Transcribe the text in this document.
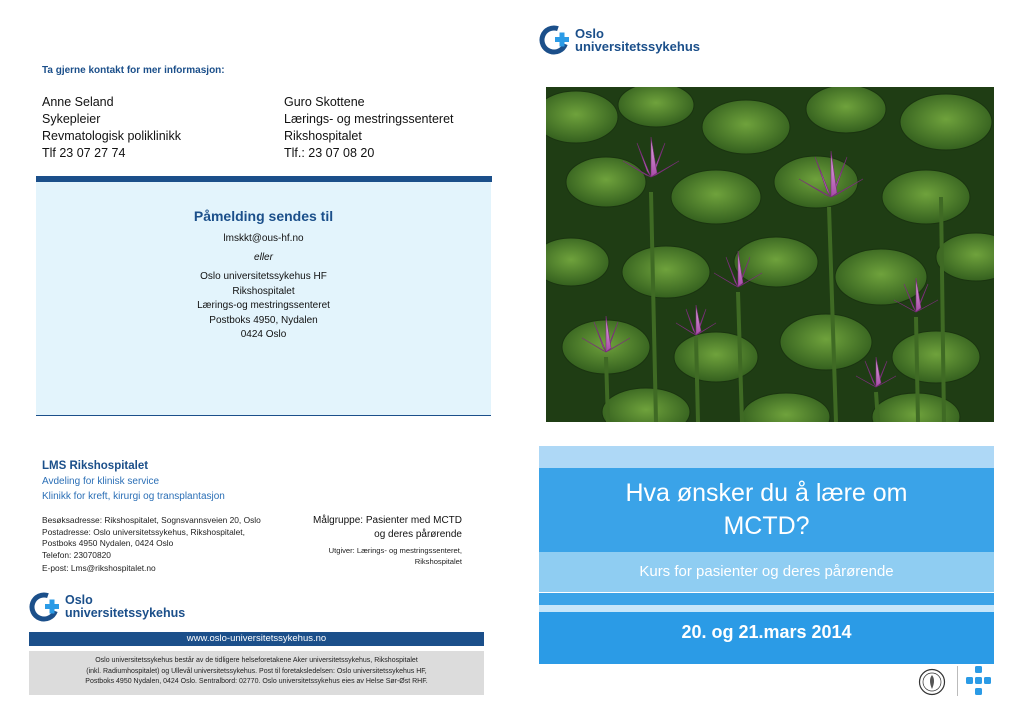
Oslo
universitetssykehus
Ta gjerne kontakt for mer informasjon:
Anne Seland
Sykepleier
Revmatologisk poliklinikk
Tlf 23 07 27 74
Guro Skottene
Lærings- og mestringssenteret
Rikshospitalet
Tlf.: 23 07 08 20
Påmelding sendes til
lmskkt@ous-hf.no
eller
Oslo universitetssykehus HF
Rikshospitalet
Lærings-og mestringssenteret
Postboks 4950, Nydalen
0424 Oslo
LMS Rikshospitalet
Avdeling for klinisk service
Klinikk for kreft, kirurgi og transplantasjon
Besøksadresse: Rikshospitalet, Sognsvannsveien 20, Oslo
Postadresse: Oslo universitetssykehus, Rikshospitalet,
Postboks 4950 Nydalen, 0424 Oslo
Telefon: 23070820
E-post: Lms@rikshospitalet.no
Målgruppe: Pasienter med MCTD
og deres pårørende
Utgiver: Lærings- og mestringssenteret,
Rikshospitalet
Oslo
universitetssykehus
www.oslo-universitetssykehus.no
Oslo universitetssykehus består av de tidligere helseforetakene Aker universitetssykehus, Rikshospitalet
(inkl. Radiumhospitalet) og Ullevål universitetssykehus. Post til foretaksledelsen: Oslo universitetssykehus HF,
Postboks 4950 Nydalen, 0424 Oslo. Sentralbord: 02770. Oslo universitetssykehus eies av Helse Sør-Øst RHF.
Hva ønsker du å lære om
MCTD?
Kurs for pasienter og deres pårørende
20. og 21.mars 2014
